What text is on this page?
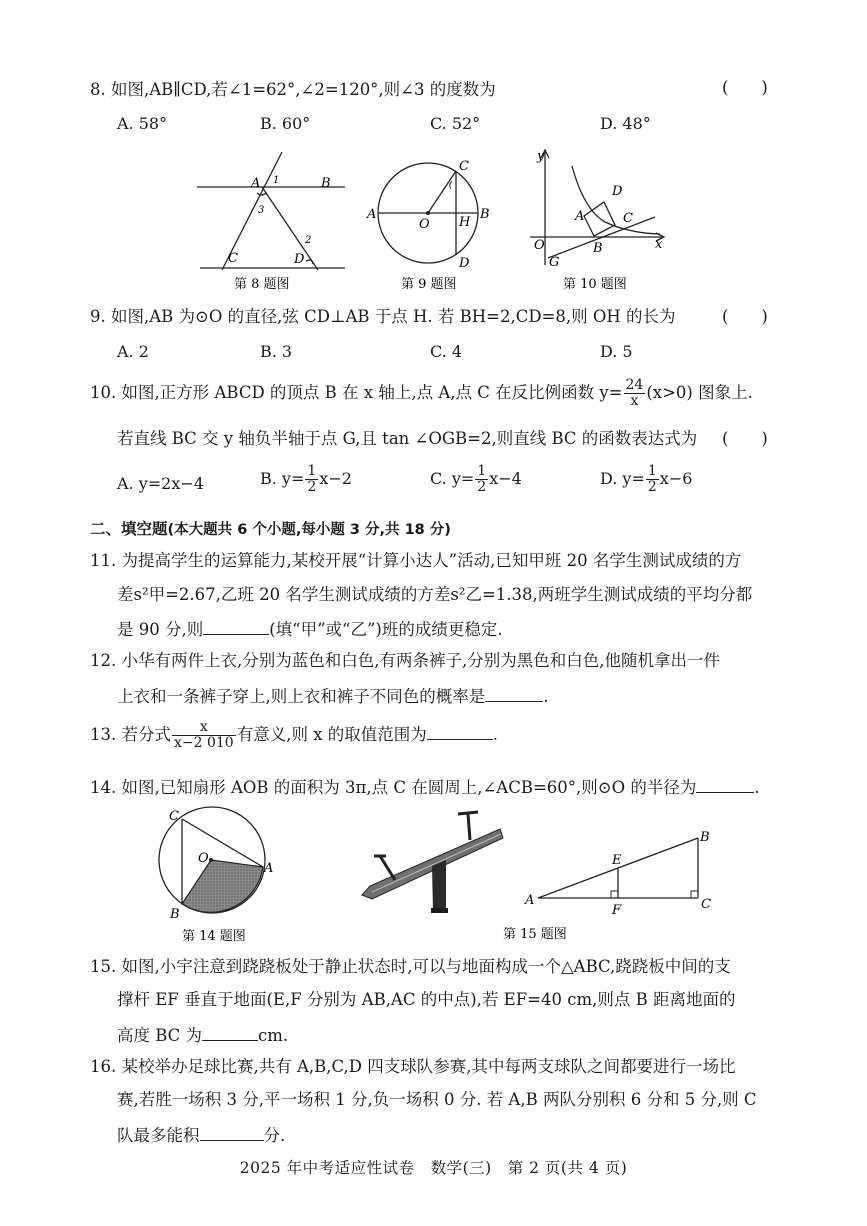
8. 如图,AB∥CD,若∠1=62°,∠2=120°,则∠3 的度数为	(　　)
A. 58°	B. 60°	C. 52°	D. 48°
A 1	B
3
C	D
2
第 8 题图
C
A
O H
B
D
第 9 题图
y
D
A	C
O	B	x
G
第 10 题图
9. 如图,AB 为⊙O 的直径,弦 CD⊥AB 于点 H. 若 BH=2,CD=8,则 OH 的长为	(　　)
A. 2	B. 3	C. 4	D. 5
10. 如图,正方形 ABCD 的顶点 B 在 x 轴上,点 A,点 C 在反比例函数 $y= \frac{24}{x} (x>0)$ 图象上.
若直线 BC 交 y 轴负半轴于点 G,且 tan ∠OGB=2,则直线 BC 的函数表达式为 (　　)
A. y=2x−4	B. $y= \frac{1}{2} x-2$	C. $y= \frac{1}{2} x-4$	D. $y= \frac{1}{2} x-6$
二、填空题(本大题共 6 个小题,每小题 3 分,共 18 分)
11. 为提高学生的运算能力,某校开展“计算小达人”活动,已知甲班 20 名学生测试成绩的方
差s²甲=2.67,乙班 20 名学生测试成绩的方差s²乙=1.38,两班学生测试成绩的平均分都
是 90 分,则	(填“甲”或“乙”)班的成绩更稳定.
12. 小华有两件上衣,分别为蓝色和白色,有两条裤子,分别为黑色和白色,他随机拿出一件
上衣和一条裤子穿上,则上衣和裤子不同色的概率是	.
13. 若分式 $\frac{x}{x-2 010}$ 有意义,则 x 的取值范围为	.
14. 如图,已知扇形 AOB 的面积为 3π,点 C 在圆周上,∠ACB=60°,则⊙O 的半径为	.
C
O
A
B
第 14 题图
B
E
A
F	C
第 15 题图
15. 如图,小宇注意到跷跷板处于静止状态时,可以与地面构成一个△ABC,跷跷板中间的支
撑杆 EF 垂直于地面(E,F 分别为 AB,AC 的中点),若 EF=40 cm,则点 B 距离地面的
高度 BC 为	cm.
16. 某校举办足球比赛,共有 A,B,C,D 四支球队参赛,其中每两支球队之间都要进行一场比
赛,若胜一场积 3 分,平一场积 1 分,负一场积 0 分. 若 A,B 两队分别积 6 分和 5 分,则 C
队最多能积	分.
2025 年中考适应性试卷　数学(三)　第 2 页(共 4 页)
